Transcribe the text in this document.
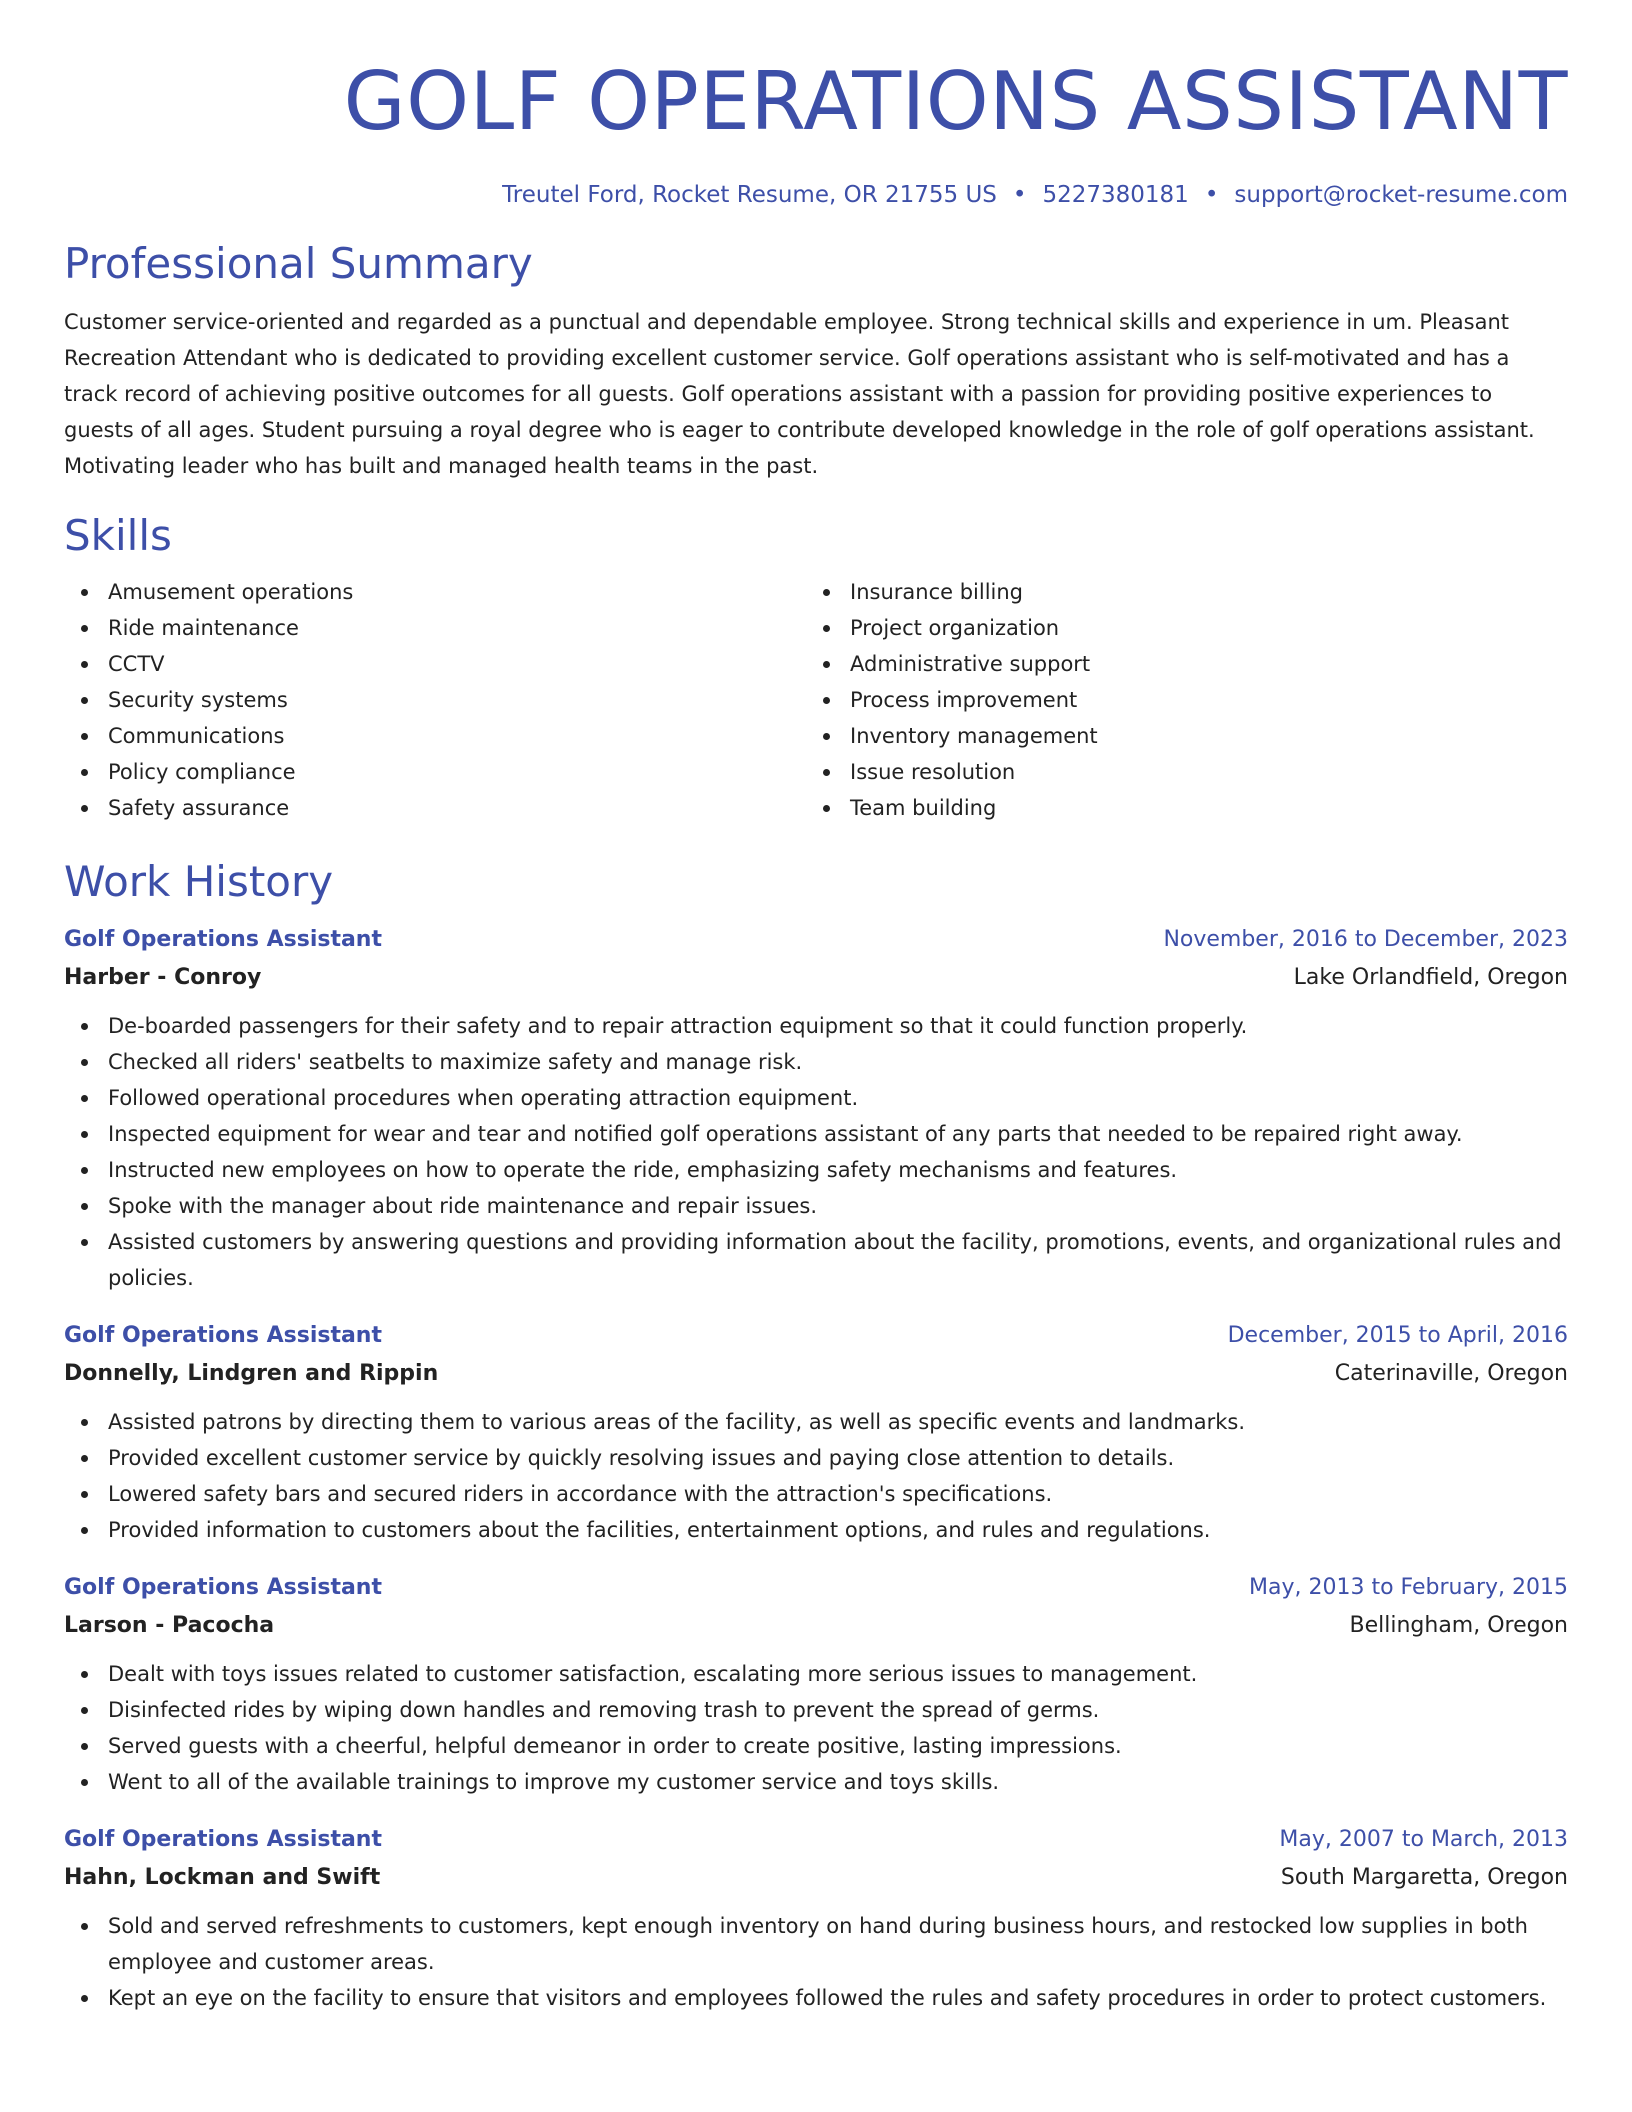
GOLF OPERATIONS ASSISTANT
Treutel Ford, Rocket Resume, OR 21755 US • 5227380181 • support@rocket-resume.com
Professional Summary

Customer service-oriented and regarded as a punctual and dependable employee. Strong technical skills and experience in um. Pleasant Recreation Attendant who is dedicated to providing excellent customer service. Golf operations assistant who is self-motivated and has a track record of achieving positive outcomes for all guests. Golf operations assistant with a passion for providing positive experiences to guests of all ages. Student pursuing a royal degree who is eager to contribute developed knowledge in the role of golf operations assistant. Motivating leader who has built and managed health teams in the past.

Skills
Amusement operations
Ride maintenance
CCTV
Security systems
Communications
Policy compliance
Safety assurance
Insurance billing
Project organization
Administrative support
Process improvement
Inventory management
Issue resolution
Team building
Work History
Golf Operations Assistant	November, 2016 to December, 2023
Harber - Conroy	Lake Orlandfield, Oregon
De-boarded passengers for their safety and to repair attraction equipment so that it could function properly.
Checked all riders' seatbelts to maximize safety and manage risk.
Followed operational procedures when operating attraction equipment.
Inspected equipment for wear and tear and notified golf operations assistant of any parts that needed to be repaired right away.
Instructed new employees on how to operate the ride, emphasizing safety mechanisms and features.
Spoke with the manager about ride maintenance and repair issues.
Assisted customers by answering questions and providing information about the facility, promotions, events, and organizational rules and policies.
Golf Operations Assistant	December, 2015 to April, 2016
Donnelly, Lindgren and Rippin	Caterinaville, Oregon
Assisted patrons by directing them to various areas of the facility, as well as specific events and landmarks.
Provided excellent customer service by quickly resolving issues and paying close attention to details.
Lowered safety bars and secured riders in accordance with the attraction's specifications.
Provided information to customers about the facilities, entertainment options, and rules and regulations.
Golf Operations Assistant	May, 2013 to February, 2015
Larson - Pacocha	Bellingham, Oregon
Dealt with toys issues related to customer satisfaction, escalating more serious issues to management.
Disinfected rides by wiping down handles and removing trash to prevent the spread of germs.
Served guests with a cheerful, helpful demeanor in order to create positive, lasting impressions.
Went to all of the available trainings to improve my customer service and toys skills.
Golf Operations Assistant	May, 2007 to March, 2013
Hahn, Lockman and Swift	South Margaretta, Oregon
Sold and served refreshments to customers, kept enough inventory on hand during business hours, and restocked low supplies in both employee and customer areas.
Kept an eye on the facility to ensure that visitors and employees followed the rules and safety procedures in order to protect customers.
